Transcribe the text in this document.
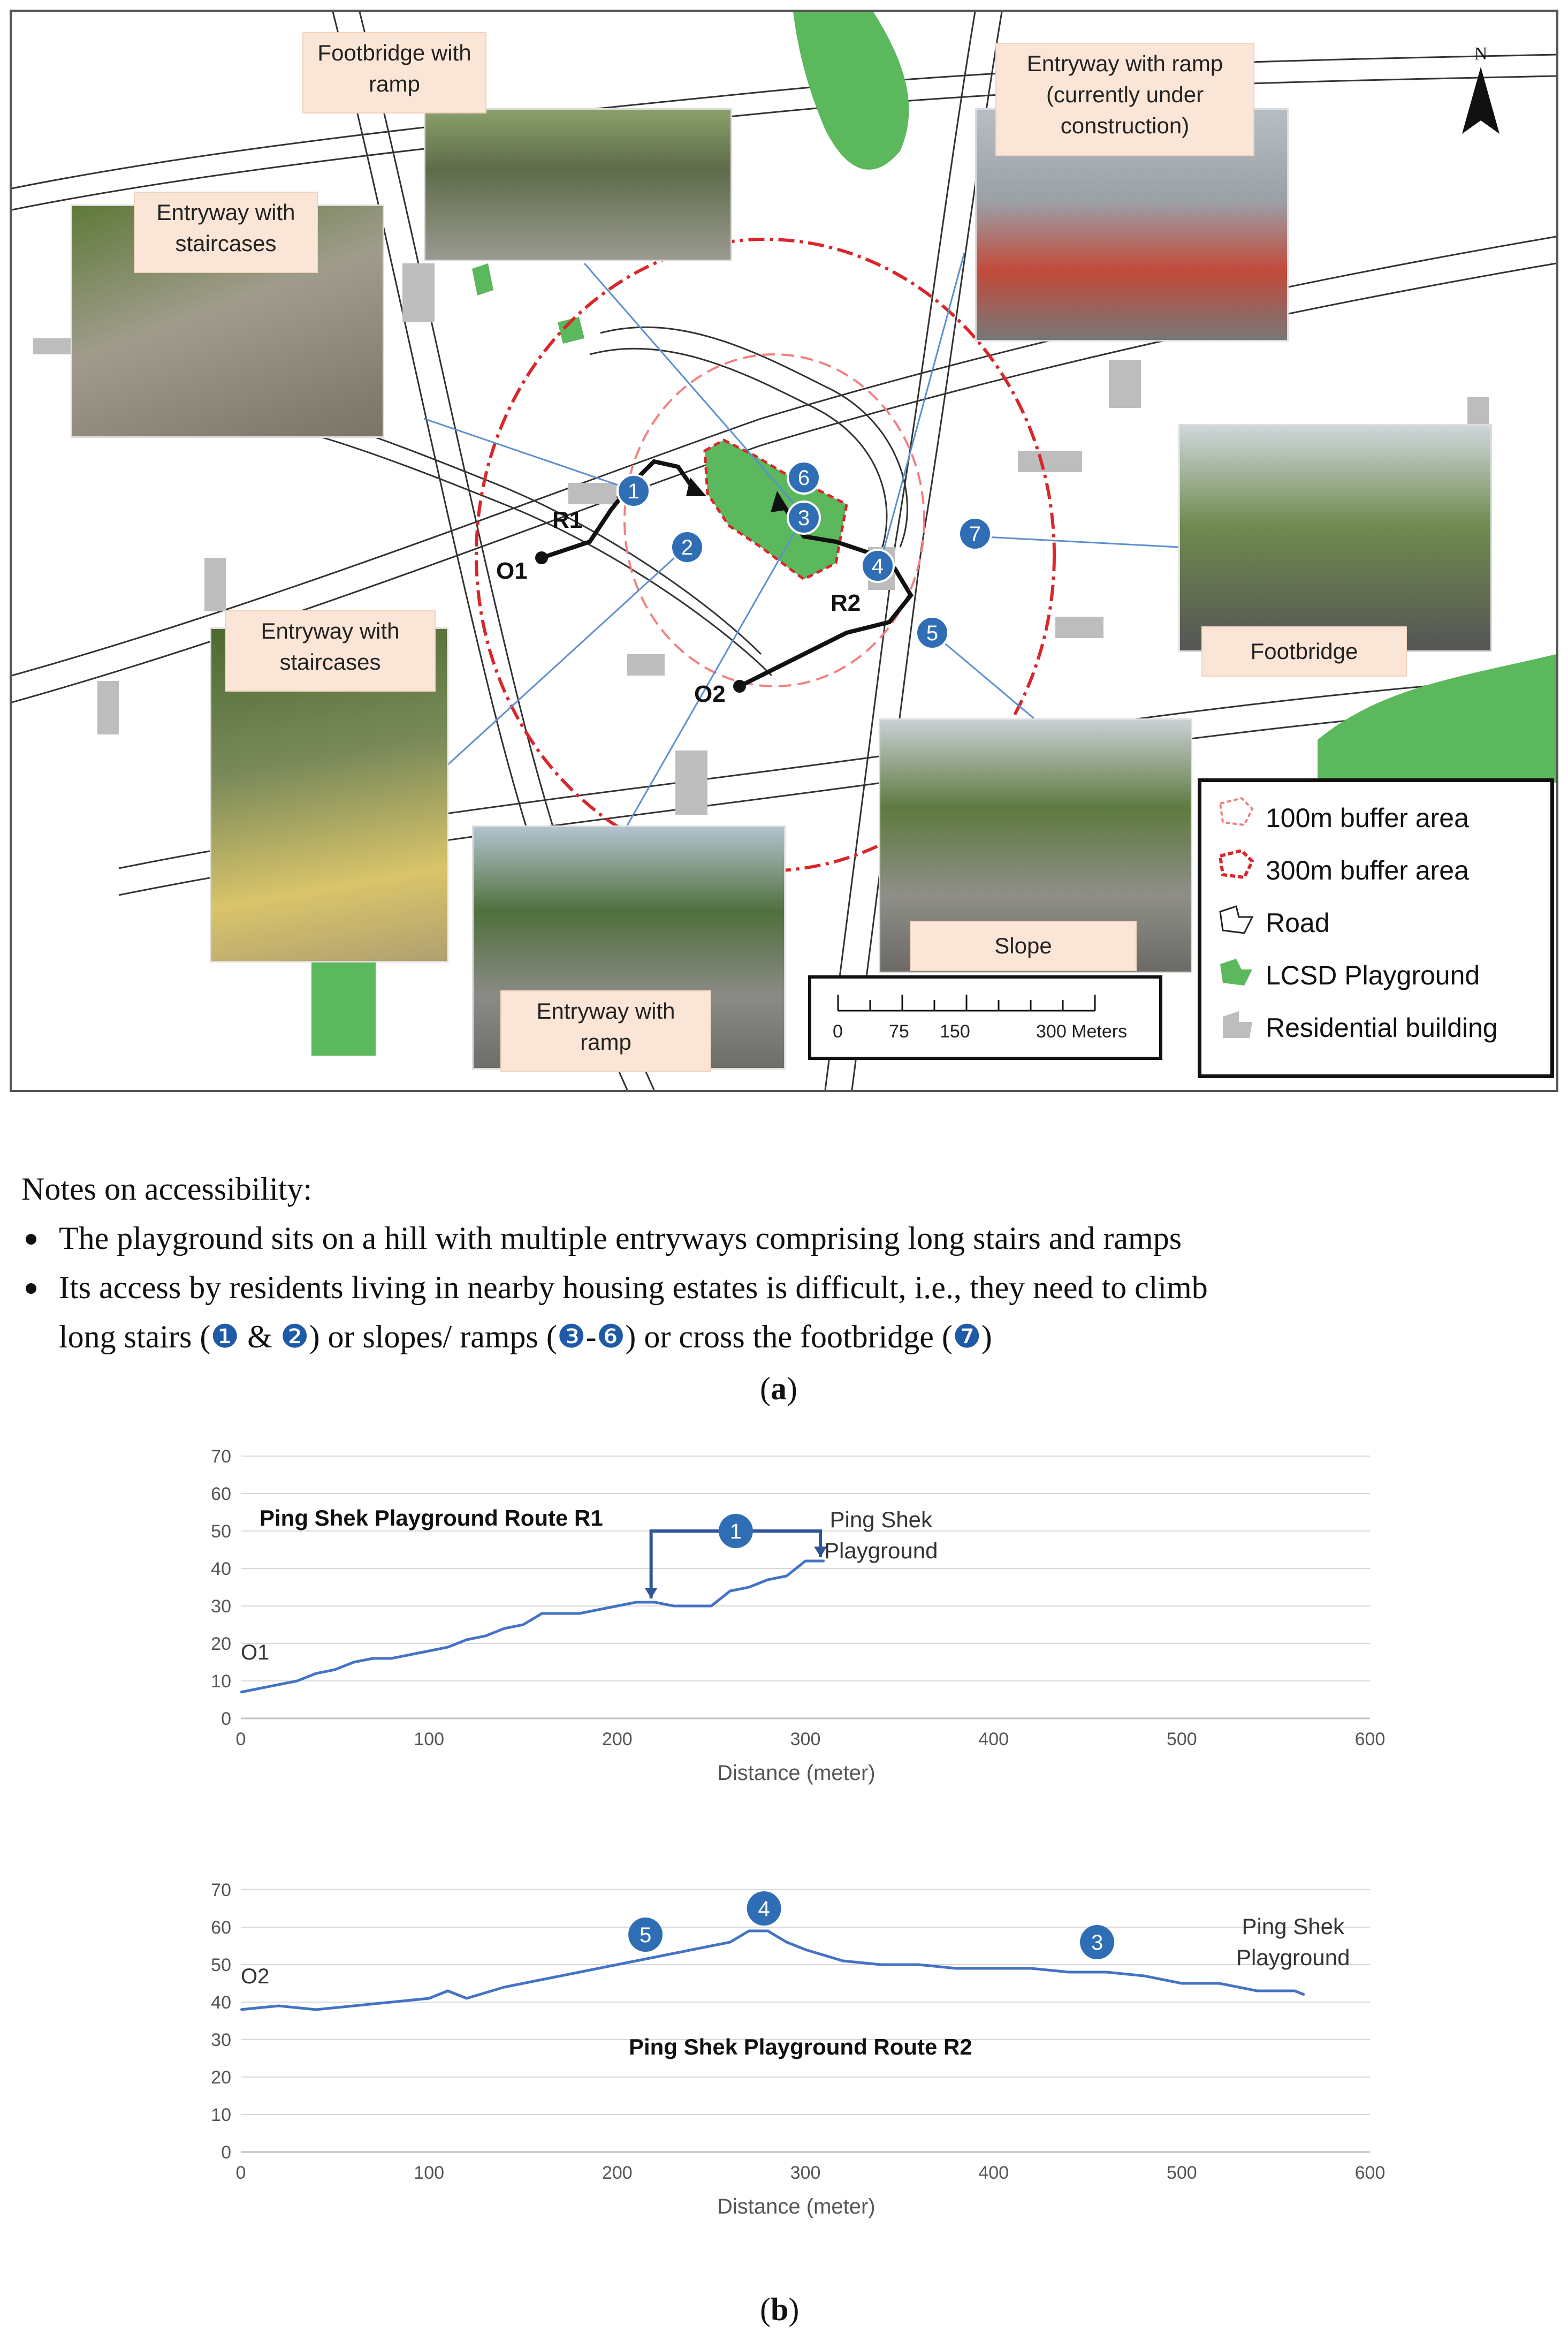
1
2
3
4
5
6
7
R1
O1
R2
O2
Footbridge with
ramp
Entryway with
staircases
Entryway with ramp
(currently under
construction)
Footbridge
Entryway with
staircases
Entryway with
ramp
Slope
N
0	75 150	300 Meters
100m buffer area
300m buffer area
Road
LCSD Playground
Residential building
Notes on accessibility:
The playground sits on a hill with multiple entryways comprising long stairs and ramps
Its access by residents living in nearby housing estates is difficult, i.e., they need to climb
long stairs (❶ & ❷) or slopes/ ramps (❸-❻) or cross the footbridge (❼)
(a)
0
10
20
30
40
50
60
70
0	100	200	300	400	500	600
1
Ping Shek Playground Route R1
O1
Ping Shek
Playground
Distance (meter)
0
10
20
30
40
50
60
70
0	100	200	300	400	500	600
5
4
3
Ping Shek Playground Route R2
O2
Ping Shek
Playground
Distance (meter)
(b)
